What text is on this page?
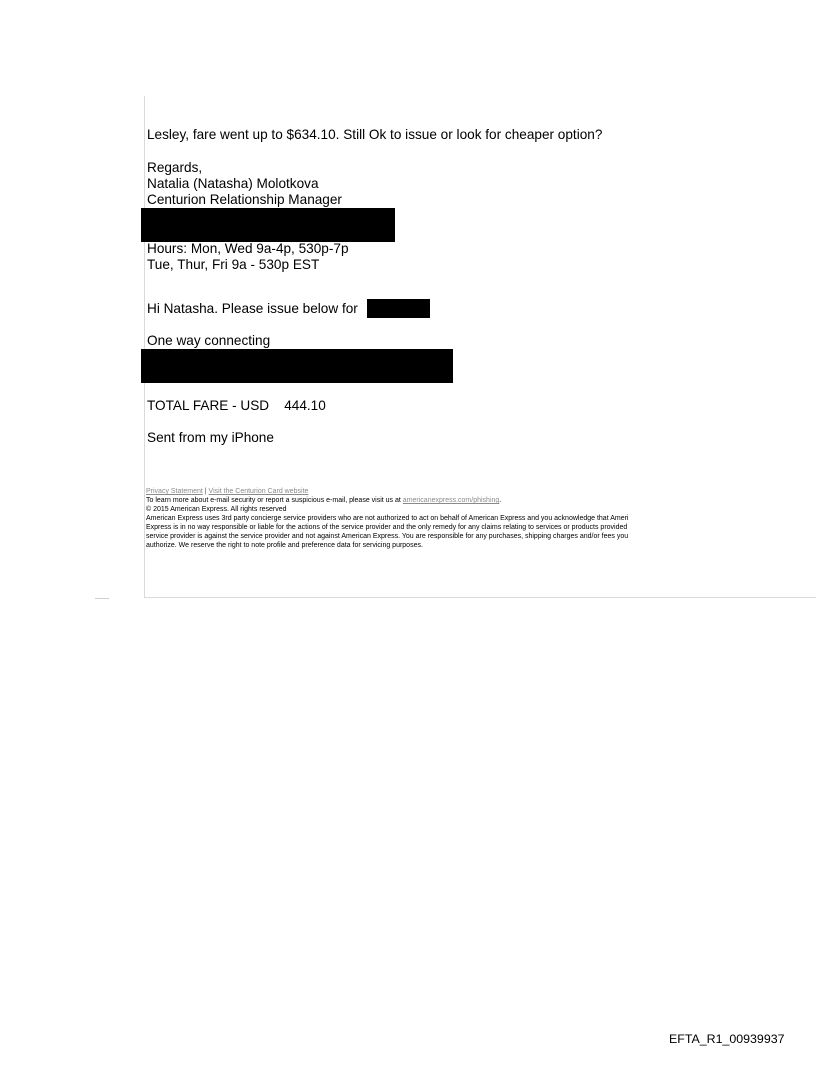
Lesley, fare went up to $634.10. Still Ok to issue or look for cheaper option?
Regards,
Natalia (Natasha) Molotkova
Centurion Relationship Manager
Hours: Mon, Wed 9a-4p, 530p-7p
Tue, Thur, Fri 9a - 530p EST
Hi Natasha. Please issue below for
One way connecting
TOTAL FARE - USD    444.10
Sent from my iPhone
Privacy Statement | Visit the Centurion Card website
To learn more about e-mail security or report a suspicious e-mail, please visit us at americanexpress.com/phishing.
© 2015 American Express. All rights reserved
American Express uses 3rd party concierge service providers who are not authorized to act on behalf of American Express and you acknowledge that Ameri
Express is in no way responsible or liable for the actions of the service provider and the only remedy for any claims relating to services or products provided
service provider is against the service provider and not against American Express. You are responsible for any purchases, shipping charges and/or fees you
authorize. We reserve the right to note profile and preference data for servicing purposes.
EFTA_R1_00939937
